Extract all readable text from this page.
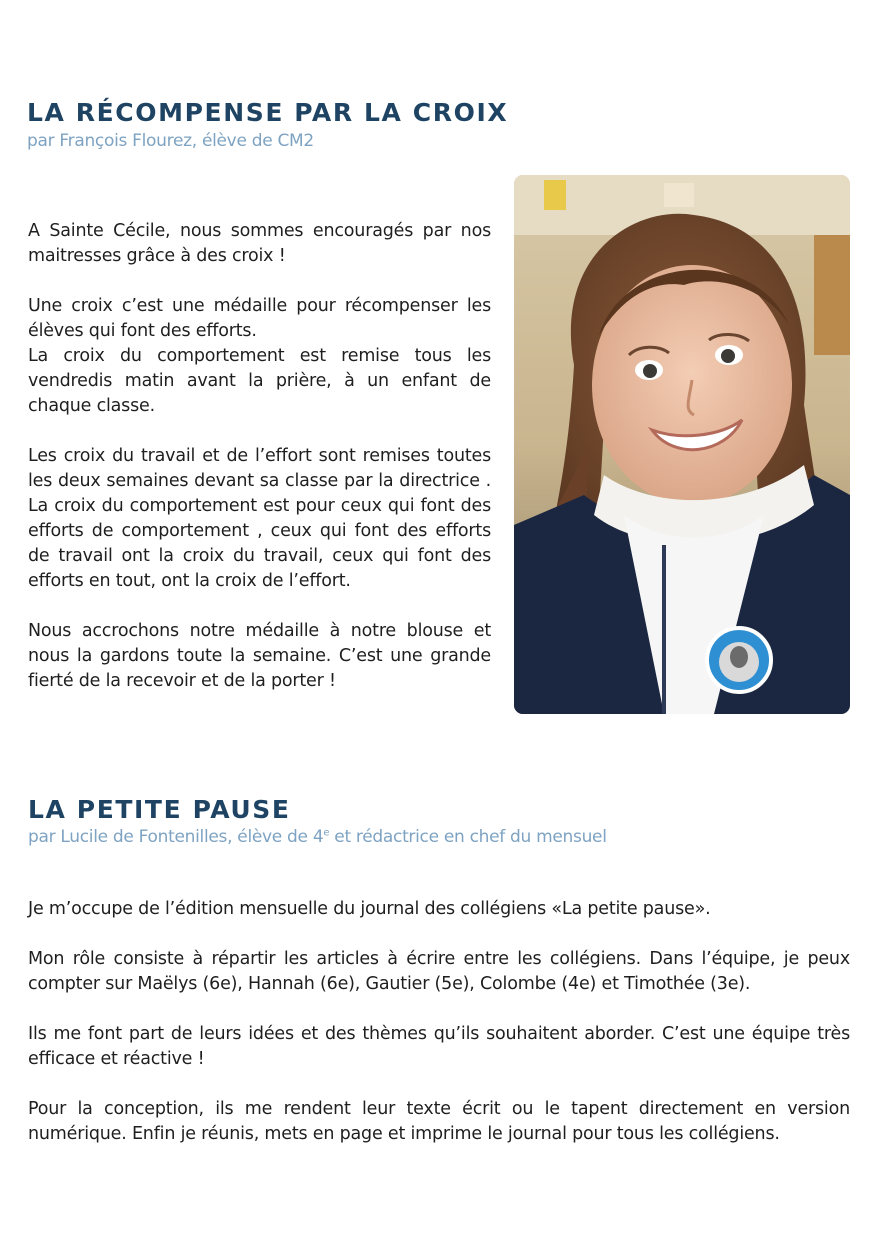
LA RÉCOMPENSE PAR LA CROIX
par François Flourez, élève de CM2

A Sainte Cécile, nous sommes encouragés par nos maitresses grâce à des croix !

Une croix c’est une médaille pour récompenser les élèves qui font des efforts.
La croix du comportement est remise tous les vendredis matin avant la prière, à un enfant de chaque classe.

Les croix du travail et de l’effort sont remises toutes les deux semaines devant sa classe par la directrice . La croix du comportement est pour ceux qui font des efforts de comportement , ceux qui font des efforts de travail ont la croix du travail, ceux qui font des efforts en tout, ont la croix de l’effort.

Nous accrochons notre médaille à notre blouse et nous la gardons toute la semaine. C’est une grande fierté de la recevoir et de la porter !

LA PETITE PAUSE
par Lucile de Fontenilles, élève de 4e et rédactrice en chef du mensuel

Je m’occupe de l’édition mensuelle du journal des collégiens «La petite pause».

Mon rôle consiste à répartir les articles à écrire entre les collégiens. Dans l’équipe, je peux compter sur Maëlys (6e), Hannah (6e), Gautier (5e), Colombe (4e) et Timothée (3e).

Ils me font part de leurs idées et des thèmes qu’ils souhaitent aborder. C’est une équipe très efficace et réactive !

Pour la conception, ils me rendent leur texte écrit ou le tapent directement en version numérique. Enfin je réunis, mets en page et imprime le journal pour tous les collégiens.
